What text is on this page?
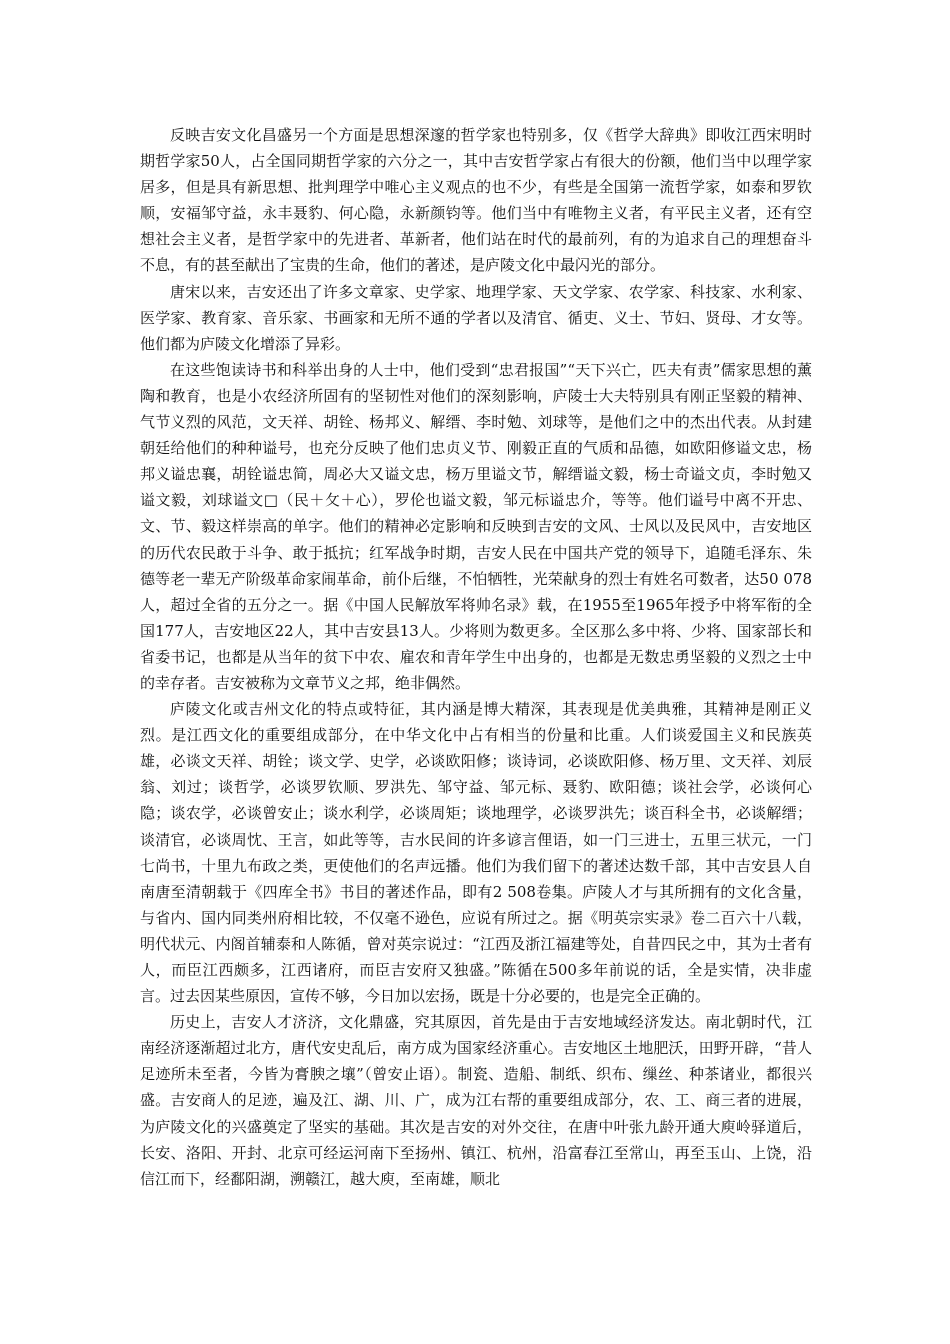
反映吉安文化昌盛另一个方面是思想深邃的哲学家也特别多，仅《哲学大辞典》即收江西宋明时期哲学家50人，占全国同期哲学家的六分之一，其中吉安哲学家占有很大的份额，他们当中以理学家居多，但是具有新思想、批判理学中唯心主义观点的也不少，有些是全国第一流哲学家，如泰和罗钦顺，安福邹守益，永丰聂豹、何心隐，永新颜钧等。他们当中有唯物主义者，有平民主义者，还有空想社会主义者，是哲学家中的先进者、革新者，他们站在时代的最前列，有的为追求自己的理想奋斗不息，有的甚至献出了宝贵的生命，他们的著述，是庐陵文化中最闪光的部分。

唐宋以来，吉安还出了许多文章家、史学家、地理学家、天文学家、农学家、科技家、水利家、医学家、教育家、音乐家、书画家和无所不通的学者以及清官、循吏、义士、节妇、贤母、才女等。他们都为庐陵文化增添了异彩。

在这些饱读诗书和科举出身的人士中，他们受到“忠君报国”“天下兴亡，匹夫有责”儒家思想的薰陶和教育，也是小农经济所固有的坚韧性对他们的深刻影响，庐陵士大夫特别具有刚正坚毅的精神、气节义烈的风范，文天祥、胡铨、杨邦义、解缙、李时勉、刘球等，是他们之中的杰出代表。从封建朝廷给他们的种种谥号，也充分反映了他们忠贞义节、刚毅正直的气质和品德，如欧阳修谥文忠，杨邦义谥忠襄，胡铨谥忠简，周必大又谥文忠，杨万里谥文节，解缙谥文毅，杨士奇谥文贞，李时勉又谥文毅，刘球谥文□（民＋攵＋心），罗伦也谥文毅，邹元标谥忠介，等等。他们谥号中离不开忠、文、节、毅这样崇高的单字。他们的精神必定影响和反映到吉安的文风、士风以及民风中，吉安地区的历代农民敢于斗争、敢于抵抗；红军战争时期，吉安人民在中国共产党的领导下，追随毛泽东、朱德等老一辈无产阶级革命家闹革命，前仆后继，不怕牺牲，光荣献身的烈士有姓名可数者，达50 078人，超过全省的五分之一。据《中国人民解放军将帅名录》载，在1955至1965年授予中将军衔的全国177人，吉安地区22人，其中吉安县13人。少将则为数更多。全区那么多中将、少将、国家部长和省委书记，也都是从当年的贫下中农、雇农和青年学生中出身的，也都是无数忠勇坚毅的义烈之士中的幸存者。吉安被称为文章节义之邦，绝非偶然。

庐陵文化或吉州文化的特点或特征，其内涵是博大精深，其表现是优美典雅，其精神是刚正义烈。是江西文化的重要组成部分，在中华文化中占有相当的份量和比重。人们谈爱国主义和民族英雄，必谈文天祥、胡铨；谈文学、史学，必谈欧阳修；谈诗词，必谈欧阳修、杨万里、文天祥、刘辰翁、刘过；谈哲学，必谈罗钦顺、罗洪先、邹守益、邹元标、聂豹、欧阳德；谈社会学，必谈何心隐；谈农学，必谈曾安止；谈水利学，必谈周矩；谈地理学，必谈罗洪先；谈百科全书，必谈解缙；谈清官，必谈周忱、王言，如此等等，吉水民间的许多谚言俚语，如一门三进士，五里三状元，一门七尚书，十里九布政之类，更使他们的名声远播。他们为我们留下的著述达数千部，其中吉安县人自南唐至清朝载于《四库全书》书目的著述作品，即有2 508卷集。庐陵人才与其所拥有的文化含量，与省内、国内同类州府相比较，不仅毫不逊色，应说有所过之。据《明英宗实录》卷二百六十八载，明代状元、内阁首辅泰和人陈循，曾对英宗说过：“江西及浙江福建等处，自昔四民之中，其为士者有人，而臣江西颇多，江西诸府，而臣吉安府又独盛。”陈循在500多年前说的话，全是实情，决非虚言。过去因某些原因，宣传不够，今日加以宏扬，既是十分必要的，也是完全正确的。

历史上，吉安人才济济，文化鼎盛，究其原因，首先是由于吉安地域经济发达。南北朝时代，江南经济逐渐超过北方，唐代安史乱后，南方成为国家经济重心。吉安地区土地肥沃，田野开辟，“昔人足迹所未至者，今皆为膏腴之壤”（曾安止语）。制瓷、造船、制纸、织布、缫丝、种茶诸业，都很兴盛。吉安商人的足迹，遍及江、湖、川、广，成为江右帮的重要组成部分，农、工、商三者的进展，为庐陵文化的兴盛奠定了坚实的基础。其次是吉安的对外交往，在唐中叶张九龄开通大庾岭驿道后，长安、洛阳、开封、北京可经运河南下至扬州、镇江、杭州，沿富春江至常山，再至玉山、上饶，沿信江而下，经鄱阳湖，溯赣江，越大庾，至南雄，顺北
